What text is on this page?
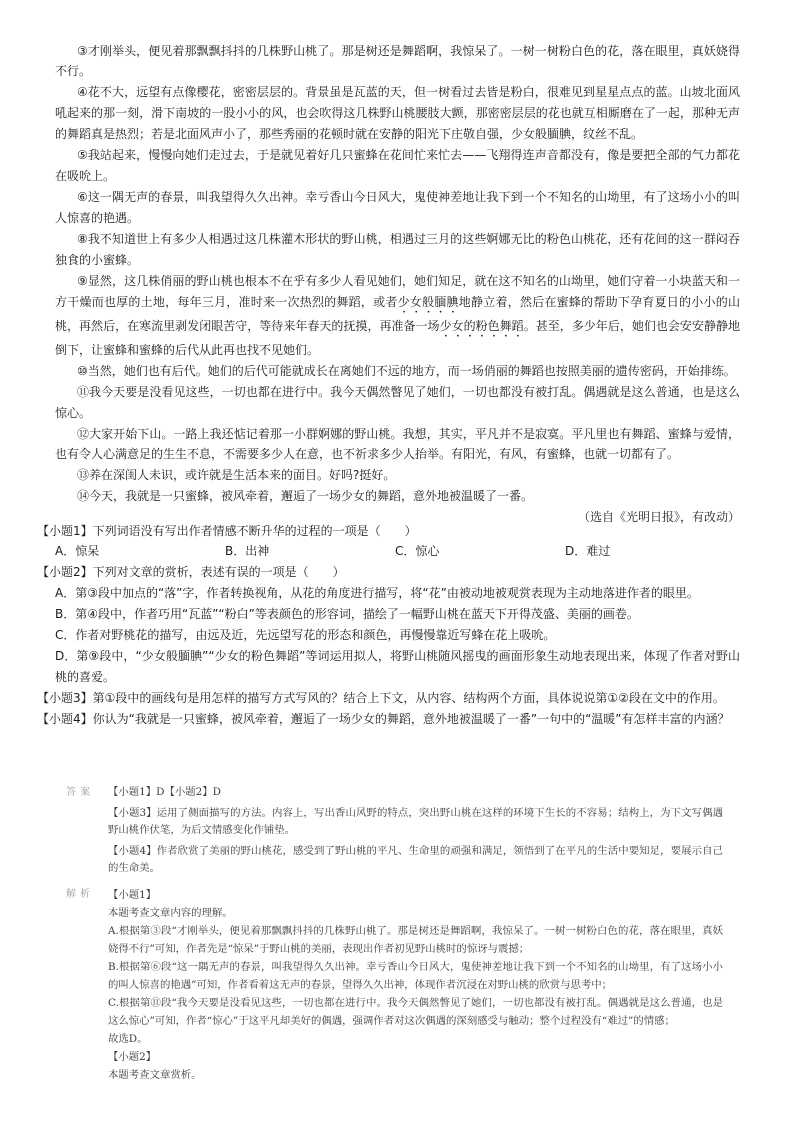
③才刚举头，便见着那飘飘抖抖的几株野山桃了。那是树还是舞蹈啊，我惊呆了。一树一树粉白色的花，落在眼里，真妖娆得不行。

④花不大，远望有点像樱花，密密层层的。背景虽是瓦蓝的天，但一树看过去皆是粉白，很难见到星星点点的蓝。山坡北面风吼起来的那一刻，滑下南坡的一股小小的风，也会吹得这几株野山桃腰肢大颤，那密密层层的花也就互相厮磨在了一起，那种无声的舞蹈真是热烈；若是北面风声小了，那些秀丽的花顿时就在安静的阳光下庄敬自强，少女般腼腆，纹丝不乱。

⑤我站起来，慢慢向她们走过去，于是就见着好几只蜜蜂在花间忙来忙去——飞翔得连声音都没有，像是要把全部的气力都花在吸吮上。

⑥这一隅无声的春景，叫我望得久久出神。幸亏香山今日风大，鬼使神差地让我下到一个不知名的山坳里，有了这场小小的叫人惊喜的艳遇。

⑧我不知道世上有多少人相遇过这几株灌木形状的野山桃，相遇过三月的这些婀娜无比的粉色山桃花，还有花间的这一群闷吞独食的小蜜蜂。

⑨显然，这几株俏丽的野山桃也根本不在乎有多少人看见她们，她们知足，就在这不知名的山坳里，她们守着一小块蓝天和一方干燥而也厚的土地，每年三月，准时来一次热烈的舞蹈，或者少女般腼腆地静立着，然后在蜜蜂的帮助下孕育夏日的小小的山桃，再然后，在寒流里剥发闭眼苦守，等待来年春天的抚摸，再准备一场少女的粉色舞蹈。甚至，多少年后，她们也会安安静静地倒下，让蜜蜂和蜜蜂的后代从此再也找不见她们。

⑩当然，她们也有后代。她们的后代可能就成长在离她们不远的地方，而一场俏丽的舞蹈也按照美丽的遗传密码，开始排练。

⑪我今天要是没看见这些，一切也都在进行中。我今天偶然瞥见了她们，一切也都没有被打乱。偶遇就是这么普通，也是这么惊心。

⑫大家开始下山。一路上我还惦记着那一小群婀娜的野山桃。我想，其实，平凡并不是寂寞。平凡里也有舞蹈、蜜蜂与爱情，也有令人心满意足的生生不息，不需要多少人在意，也不祈求多少人抬举。有阳光，有风，有蜜蜂，也就一切都有了。

⑬养在深闺人未识，或许就是生活本来的面目。好吗?挺好。

⑭今天，我就是一只蜜蜂，被风牵着，邂逅了一场少女的舞蹈，意外地被温暖了一番。

（选自《光明日报》，有改动）

【小题1】下列词语没有写出作者情感不断升华的过程的一项是（　　）

A．惊呆	B．出神	C．惊心	D．难过

【小题2】下列对文章的赏析，表述有误的一项是（　　）

A．第③段中加点的“落”字，作者转换视角，从花的角度进行描写，将“花”由被动地被观赏表现为主动地落进作者的眼里。

B．第④段中，作者巧用“瓦蓝”“粉白”等表颜色的形容词，描绘了一幅野山桃在蓝天下开得茂盛、美丽的画卷。

C．作者对野桃花的描写，由远及近，先远望写花的形态和颜色，再慢慢靠近写蜂在花上吸吮。

D．第⑨段中，“少女般腼腆”“少女的粉色舞蹈”等词运用拟人，将野山桃随风摇曳的画面形象生动地表现出来，体现了作者对野山桃的喜爱。

【小题3】第①段中的画线句是用怎样的描写方式写风的？结合上下文，从内容、结构两个方面，具体说说第①②段在文中的作用。

【小题4】你认为“我就是一只蜜蜂，被风牵着，邂逅了一场少女的舞蹈，意外地被温暖了一番”一句中的“温暖”有怎样丰富的内涵？

答案 【小题1】D【小题2】D

【小题3】运用了侧面描写的方法。内容上，写出香山风野的特点，突出野山桃在这样的环境下生长的不容易；结构上，为下文写偶遇野山桃作伏笔，为后文情感变化作铺垫。

【小题4】作者欣赏了美丽的野山桃花，感受到了野山桃的平凡、生命里的顽强和满足，领悟到了在平凡的生活中要知足，要展示自己的生命美。

解析 【小题1】

本题考查文章内容的理解。

A.根据第③段“才刚举头，便见着那飘飘抖抖的几株野山桃了。那是树还是舞蹈啊，我惊呆了。一树一树粉白色的花，落在眼里，真妖娆得不行”可知，作者先是“惊呆”于野山桃的美丽，表现出作者初见野山桃时的惊讶与震撼；

B.根据第⑥段“这一隅无声的春景，叫我望得久久出神。幸亏香山今日风大，鬼使神差地让我下到一个不知名的山坳里，有了这场小小的叫人惊喜的艳遇”可知，作者看着这无声的春景，望得久久出神，体现作者沉浸在对野山桃的欣赏与思考中；

C.根据第⑪段“我今天要是没看见这些，一切也都在进行中。我今天偶然瞥见了她们，一切也都没有被打乱。偶遇就是这么普通，也是这么惊心”可知，作者“惊心”于这平凡却美好的偶遇，强调作者对这次偶遇的深刻感受与触动；整个过程没有“难过”的情感；

故选D。

【小题2】

本题考查文章赏析。
